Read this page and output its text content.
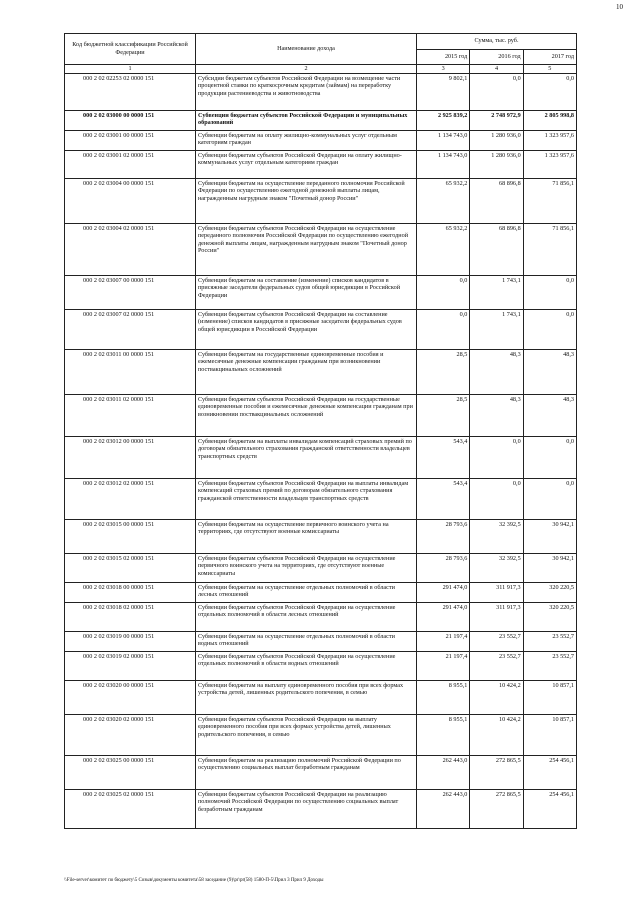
10
Код бюджетной классификации Российской Федерации	Наименование дохода	Сумма, тыс. руб.		
		2015 год	2016 год	2017 год
1	2	3	4	5
000 2 02 02253 02 0000 151	Субсидии бюджетам субъектов Российской Федерации на возмещение части процентной ставки по краткосрочным кредитам (займам) на переработку продукции растениеводства и животноводства	9 802,1	0,0	0,0
000 2 02 03000 00 0000 151	Субвенции бюджетам субъектов Российской Федерации и муниципальных образований	2 925 839,2	2 748 972,9	2 805 998,8
000 2 02 03001 00 0000 151	Субвенции бюджетам на оплату жилищно-коммунальных услуг отдельным категориям граждан	1 134 743,0	1 280 936,0	1 323 957,6
000 2 02 03001 02 0000 151	Субвенции бюджетам субъектов Российской Федерации на оплату жилищно-коммунальных услуг отдельным категориям граждан	1 134 743,0	1 280 936,0	1 323 957,6
000 2 02 03004 00 0000 151	Субвенции бюджетам на осуществление переданного полномочия Российской Федерации по осуществлению ежегодной денежной выплаты лицам, награжденным нагрудным знаком "Почетный донор России"	65 932,2	68 896,8	71 856,1
000 2 02 03004 02 0000 151	Субвенции бюджетам субъектов Российской Федерации на осуществление переданного полномочия Российской Федерации по осуществлению ежегодной денежной выплаты лицам, награжденным нагрудным знаком "Почетный донор России"	65 932,2	68 896,8	71 856,1
000 2 02 03007 00 0000 151	Субвенции бюджетам на составление (изменение) списков кандидатов в присяжные заседатели федеральных судов общей юрисдикции в Российской Федерации	0,0	1 743,1	0,0
000 2 02 03007 02 0000 151	Субвенции бюджетам субъектов Российской Федерации на составление (изменение) списков кандидатов в присяжные заседатели федеральных судов общей юрисдикции в Российской Федерации	0,0	1 743,1	0,0
000 2 02 03011 00 0000 151	Субвенции бюджетам на государственные единовременные пособия и ежемесячные денежные компенсации гражданам при возникновении поствакцинальных осложнений	28,5	48,3	48,3
000 2 02 03011 02 0000 151	Субвенции бюджетам субъектов Российской Федерации на государственные единовременные пособия и ежемесячные денежные компенсации гражданам при возникновении поствакцинальных осложнений	28,5	48,3	48,3
000 2 02 03012 00 0000 151	Субвенции бюджетам на выплаты инвалидам компенсаций страховых премий по договорам обязательного страхования гражданской ответственности владельцев транспортных средств	543,4	0,0	0,0
000 2 02 03012 02 0000 151	Субвенции бюджетам субъектов Российской Федерации на выплаты инвалидам компенсаций страховых премий по договорам обязательного страхования гражданской ответственности владельцев транспортных средств	543,4	0,0	0,0
000 2 02 03015 00 0000 151	Субвенции бюджетам на осуществление первичного воинского учета на территориях, где отсутствуют военные комиссариаты	28 793,6	32 392,5	30 942,1
000 2 02 03015 02 0000 151	Субвенции бюджетам субъектов Российской Федерации на осуществление первичного воинского учета на территориях, где отсутствуют военные комиссариаты	28 793,6	32 392,5	30 942,1
000 2 02 03018 00 0000 151	Субвенции бюджетам на осуществление отдельных полномочий в области лесных отношений	291 474,0	311 917,3	320 220,5
000 2 02 03018 02 0000 151	Субвенции бюджетам субъектов Российской Федерации на осуществление отдельных полномочий в области лесных отношений	291 474,0	311 917,3	320 220,5
000 2 02 03019 00 0000 151	Субвенции бюджетам на осуществление отдельных полномочий в области водных отношений	21 197,4	23 552,7	23 552,7
000 2 02 03019 02 0000 151	Субвенции бюджетам субъектов Российской Федерации на осуществление отдельных полномочий в области водных отношений	21 197,4	23 552,7	23 552,7
000 2 02 03020 00 0000 151	Субвенции бюджетам на выплату единовременного пособия при всех формах устройства детей, лишенных родительского попечения, в семью	8 955,1	10 424,2	10 857,1
000 2 02 03020 02 0000 151	Субвенции бюджетам субъектов Российской Федерации на выплату единовременного пособия при всех формах устройства детей, лишенных родительского попечения, в семью	8 955,1	10 424,2	10 857,1
000 2 02 03025 00 0000 151	Субвенции бюджетам на реализацию полномочий Российской Федерации по осуществлению социальных выплат безработным гражданам	262 443,0	272 865,5	254 456,1
000 2 02 03025 02 0000 151	Субвенции бюджетам субъектов Российской Федерации на реализацию полномочий Российской Федерации по осуществлению социальных выплат безработным гражданам	262 443,0	272 865,5	254 456,1
\\File-server\комитет по бюджету\5 Созыв\документы комитета\58 заседание (9)\pr\pr(58) 1580-П-5\Прил 3 Прил 9 Доходы
